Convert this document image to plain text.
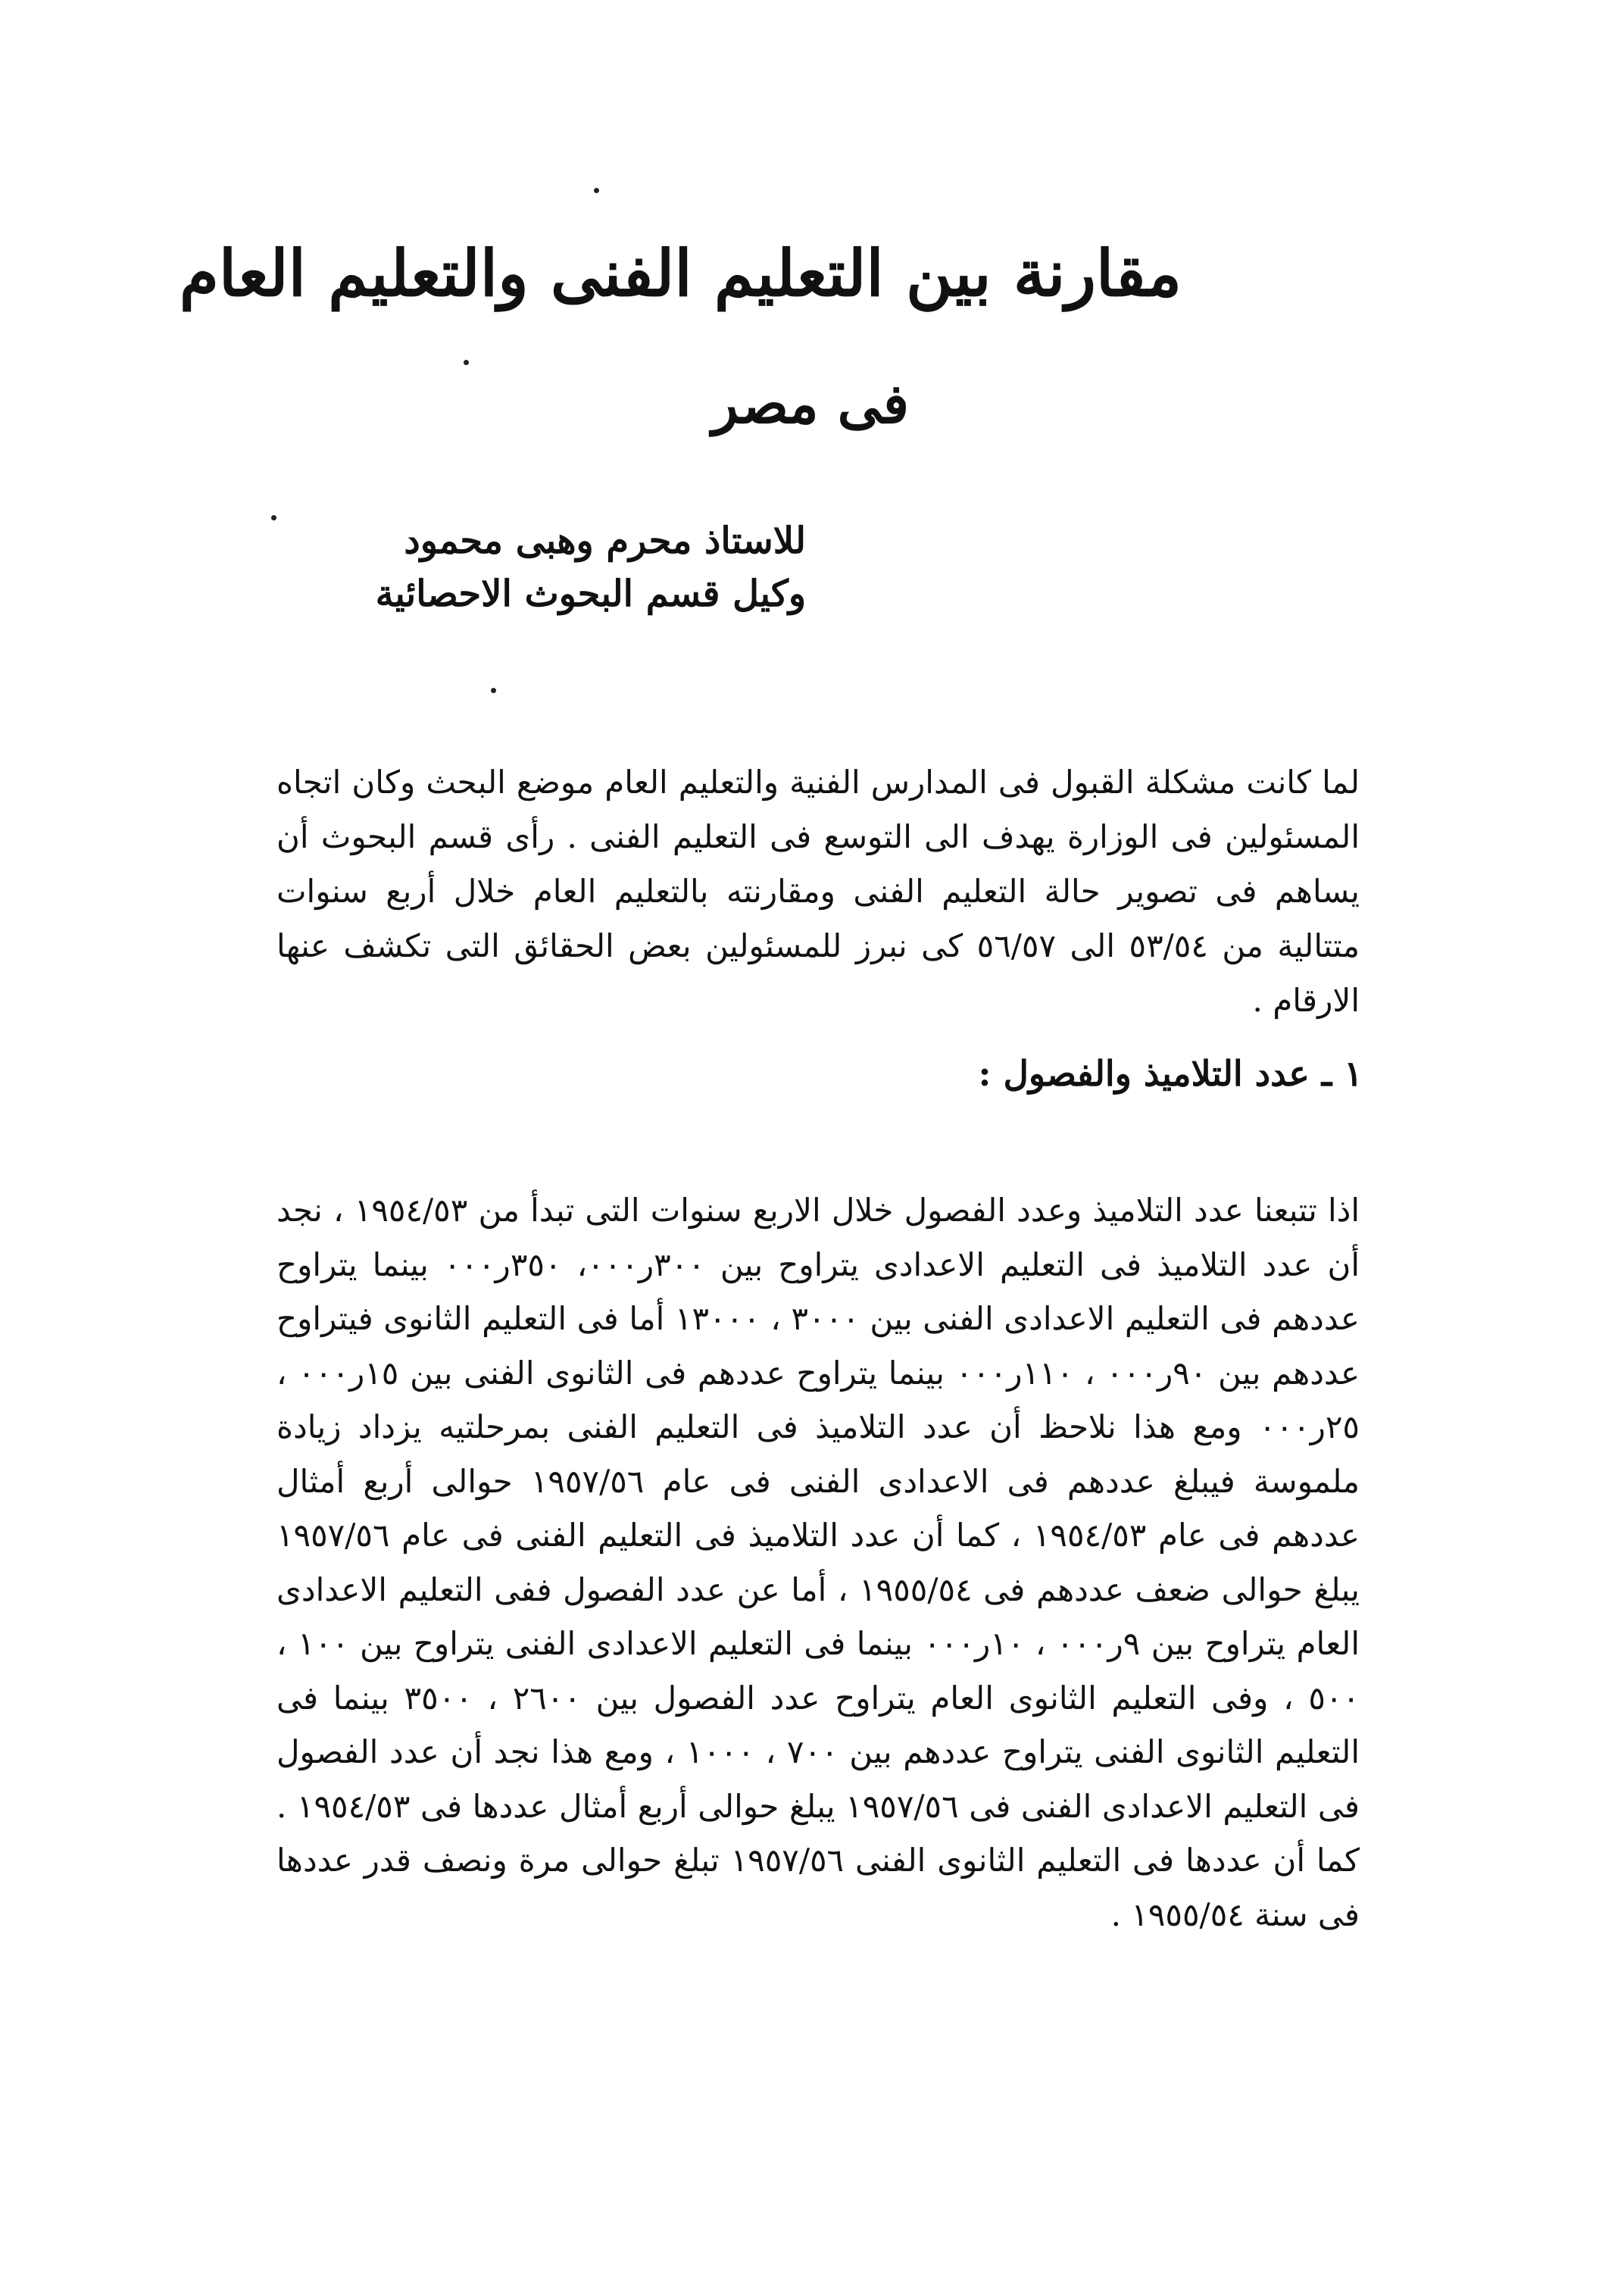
مقارنة بين التعليم الفنى والتعليم العام
فى مصر
للاستاذ محرم وهبى محمود
وكيل قسم البحوث الاحصائية

لما كانت مشكلة القبول فى المدارس الفنية والتعليم العام موضع البحث وكان اتجاه المسئولين فى الوزارة يهدف الى التوسع فى التعليم الفنى . رأى قسم البحوث أن يساهم فى تصوير حالة التعليم الفنى ومقارنته بالتعليم العام خلال أربع سنوات متتالية من ٥٣/٥٤ الى ٥٦/٥٧ كى نبرز للمسئولين بعض الحقائق التى تكشف عنها الارقام .

١ ـ عدد التلاميذ والفصول :

اذا تتبعنا عدد التلاميذ وعدد الفصول خلال الاربع سنوات التى تبدأ من ١٩٥٤/٥٣ ، نجد أن عدد التلاميذ فى التعليم الاعدادى يتراوح بين ٣٠٠ر٠٠٠، ٣٥٠ر٠٠٠ بينما يتراوح عددهم فى التعليم الاعدادى الفنى بين ٣٠٠٠ ، ١٣٠٠٠ أما فى التعليم الثانوى فيتراوح عددهم بين ٩٠ر٠٠٠ ، ١١٠ر٠٠٠ بينما يتراوح عددهم فى الثانوى الفنى بين ١٥ر٠٠٠ ، ٢٥ر٠٠٠ ومع هذا نلاحظ أن عدد التلاميذ فى التعليم الفنى بمرحلتيه يزداد زيادة ملموسة فيبلغ عددهم فى الاعدادى الفنى فى عام ١٩٥٧/٥٦ حوالى أربع أمثال عددهم فى عام ١٩٥٤/٥٣ ، كما أن عدد التلاميذ فى التعليم الفنى فى عام ١٩٥٧/٥٦ يبلغ حوالى ضعف عددهم فى ١٩٥٥/٥٤ ، أما عن عدد الفصول ففى التعليم الاعدادى العام يتراوح بين ٩ر٠٠٠ ، ١٠ر٠٠٠ بينما فى التعليم الاعدادى الفنى يتراوح بين ١٠٠ ، ٥٠٠ ، وفى التعليم الثانوى العام يتراوح عدد الفصول بين ٢٦٠٠ ، ٣٥٠٠ بينما فى التعليم الثانوى الفنى يتراوح عددهم بين ٧٠٠ ، ١٠٠٠ ، ومع هذا نجد أن عدد الفصول فى التعليم الاعدادى الفنى فى ١٩٥٧/٥٦ يبلغ حوالى أربع أمثال عددها فى ١٩٥٤/٥٣ . كما أن عددها فى التعليم الثانوى الفنى ١٩٥٧/٥٦ تبلغ حوالى مرة ونصف قدر عددها فى سنة ١٩٥٥/٥٤ .
